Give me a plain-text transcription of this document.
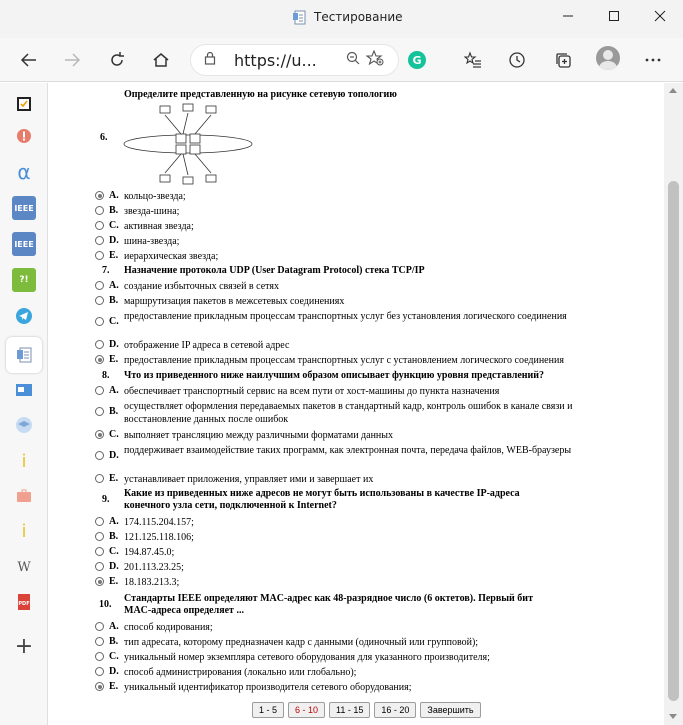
Тестирование
https://u...	G
α
IEEE
IEEE
?!
i
i
W
PDF
+
Определите представленную на рисунке сетевую топологию
6.
A. кольцо-звезда;
B. звезда-шина;
C. активная звезда;
D. шина-звезда;
E. иерархическая звезда;
7. Назначение протокола UDP (User Datagram Protocol) стека TCP/IP
A. создание избыточных связей в сетях
B. маршрутизация пакетов в межсетевых соединениях
C. предоставление прикладным процессам транспортных услуг без установления логического соединения
D. отображение IP адреса в сетевой адрес
E. предоставление прикладным процессам транспортных услуг с установлением логического соединения
8. Что из приведенного ниже наилучшим образом описывает функцию уровня представлений?
A. обеспечивает транспортный сервис на всем пути от хост-машины до пункта назначения
B. осуществляет оформления передаваемых пакетов в стандартный кадр, контроль ошибок в канале связи и восстановление данных после ошибок
C. выполняет трансляцию между различными форматами данных
D. поддерживает взаимодействие таких программ, как электронная почта, передача файлов, WEB-браузеры
E. устанавливает приложения, управляет ими и завершает их
9.
Какие из приведенных ниже адресов не могут быть использованы в качестве IP-адреса конечного узла сети, подключенной к Internet?
A. 174.115.204.157;
B. 121.125.118.106;
C. 194.87.45.0;
D. 201.113.23.25;
E. 18.183.213.3;
10.
Стандарты IEEE определяют MAC-адрес как 48-разрядное число (6 октетов). Первый бит MAC-адреса определяет ...
A. способ кодирования;
B. тип адресата, которому предназначен кадр с данными (одиночный или групповой);
C. уникальный номер экземпляра сетевого оборудования для указанного производителя;
D. способ администрирования (локально или глобально);
E. уникальный идентификатор производителя сетевого оборудования;
1 - 5	6 - 10	11 - 15	16 - 20	Завершить
